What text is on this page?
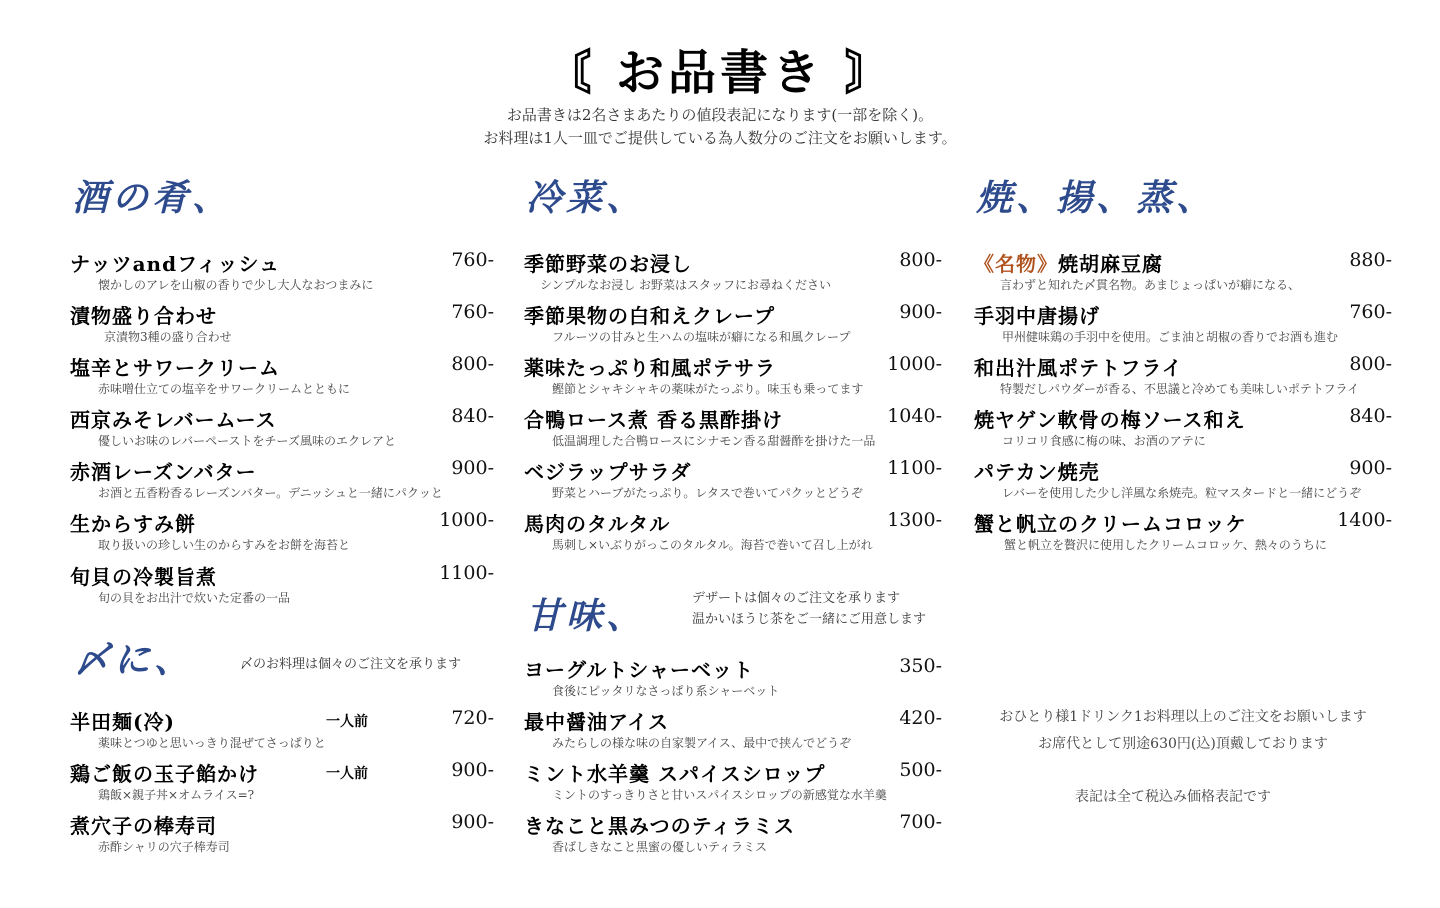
〘 お品書き 〙
お品書きは2名さまあたりの値段表記になります(一部を除く)。
お料理は1人一皿でご提供している為人数分のご注文をお願いします。
酒の肴、
ナッツandフィッシュ	760-
懐かしのアレを山椒の香りで少し大人なおつまみに
漬物盛り合わせ	760-
京漬物3種の盛り合わせ
塩辛とサワークリーム	800-
赤味噌仕立ての塩辛をサワークリームとともに
西京みそレバームース	840-
優しいお味のレバーペーストをチーズ風味のエクレアと
赤酒レーズンバター	900-
お酒と五香粉香るレーズンバター。デニッシュと一緒にパクッと
生からすみ餅	1000-
取り扱いの珍しい生のからすみをお餅を海苔と
旬貝の冷製旨煮	1100-
旬の貝をお出汁で炊いた定番の一品
〆に、	〆のお料理は個々のご注文を承ります
半田麺(冷)	一人前	720-
薬味とつゆと思いっきり混ぜてさっぱりと
鶏ご飯の玉子餡かけ	一人前	900-
鶏飯×親子丼×オムライス=?
煮穴子の棒寿司	900-
赤酢シャリの穴子棒寿司
冷菜、
季節野菜のお浸し	800-
シンプルなお浸し お野菜はスタッフにお尋ねください
季節果物の白和えクレープ	900-
フルーツの甘みと生ハムの塩味が癖になる和風クレープ
薬味たっぷり和風ポテサラ	1000-
鰹節とシャキシャキの薬味がたっぷり。味玉も乗ってます
合鴨ロース煮 香る黒酢掛け	1040-
低温調理した合鴨ロースにシナモン香る甜醤酢を掛けた一品
ベジラップサラダ	1100-
野菜とハーブがたっぷり。レタスで巻いてパクッとどうぞ
馬肉のタルタル	1300-
馬刺し×いぶりがっこのタルタル。海苔で巻いて召し上がれ
甘味、	デザートは個々のご注文を承ります
温かいほうじ茶をご一緒にご用意します
ヨーグルトシャーベット	350-
食後にピッタリなさっぱり系シャーベット
最中醤油アイス	420-
みたらしの様な味の自家製アイス、最中で挟んでどうぞ
ミント水羊羹 スパイスシロップ	500-
ミントのすっきりさと甘いスパイスシロップの新感覚な水羊羹
きなこと黒みつのティラミス	700-
香ばしきなこと黒蜜の優しいティラミス
焼、揚、蒸、
《名物》焼胡麻豆腐	880-
言わずと知れた〆貫名物。あまじょっぱいが癖になる、
手羽中唐揚げ	760-
甲州健味鶏の手羽中を使用。ごま油と胡椒の香りでお酒も進む
和出汁風ポテトフライ	800-
特製だしパウダーが香る、不思議と冷めても美味しいポテトフライ
焼ヤゲン軟骨の梅ソース和え	840-
コリコリ食感に梅の味、お酒のアテに
パテカン焼売	900-
レバーを使用した少し洋風な糸焼売。粒マスタードと一緒にどうぞ
蟹と帆立のクリームコロッケ	1400-
蟹と帆立を贅沢に使用したクリームコロッケ、熱々のうちに
おひとり様1ドリンク1お料理以上のご注文をお願いします
お席代として別途630円(込)頂戴しております
表記は全て税込み価格表記です
